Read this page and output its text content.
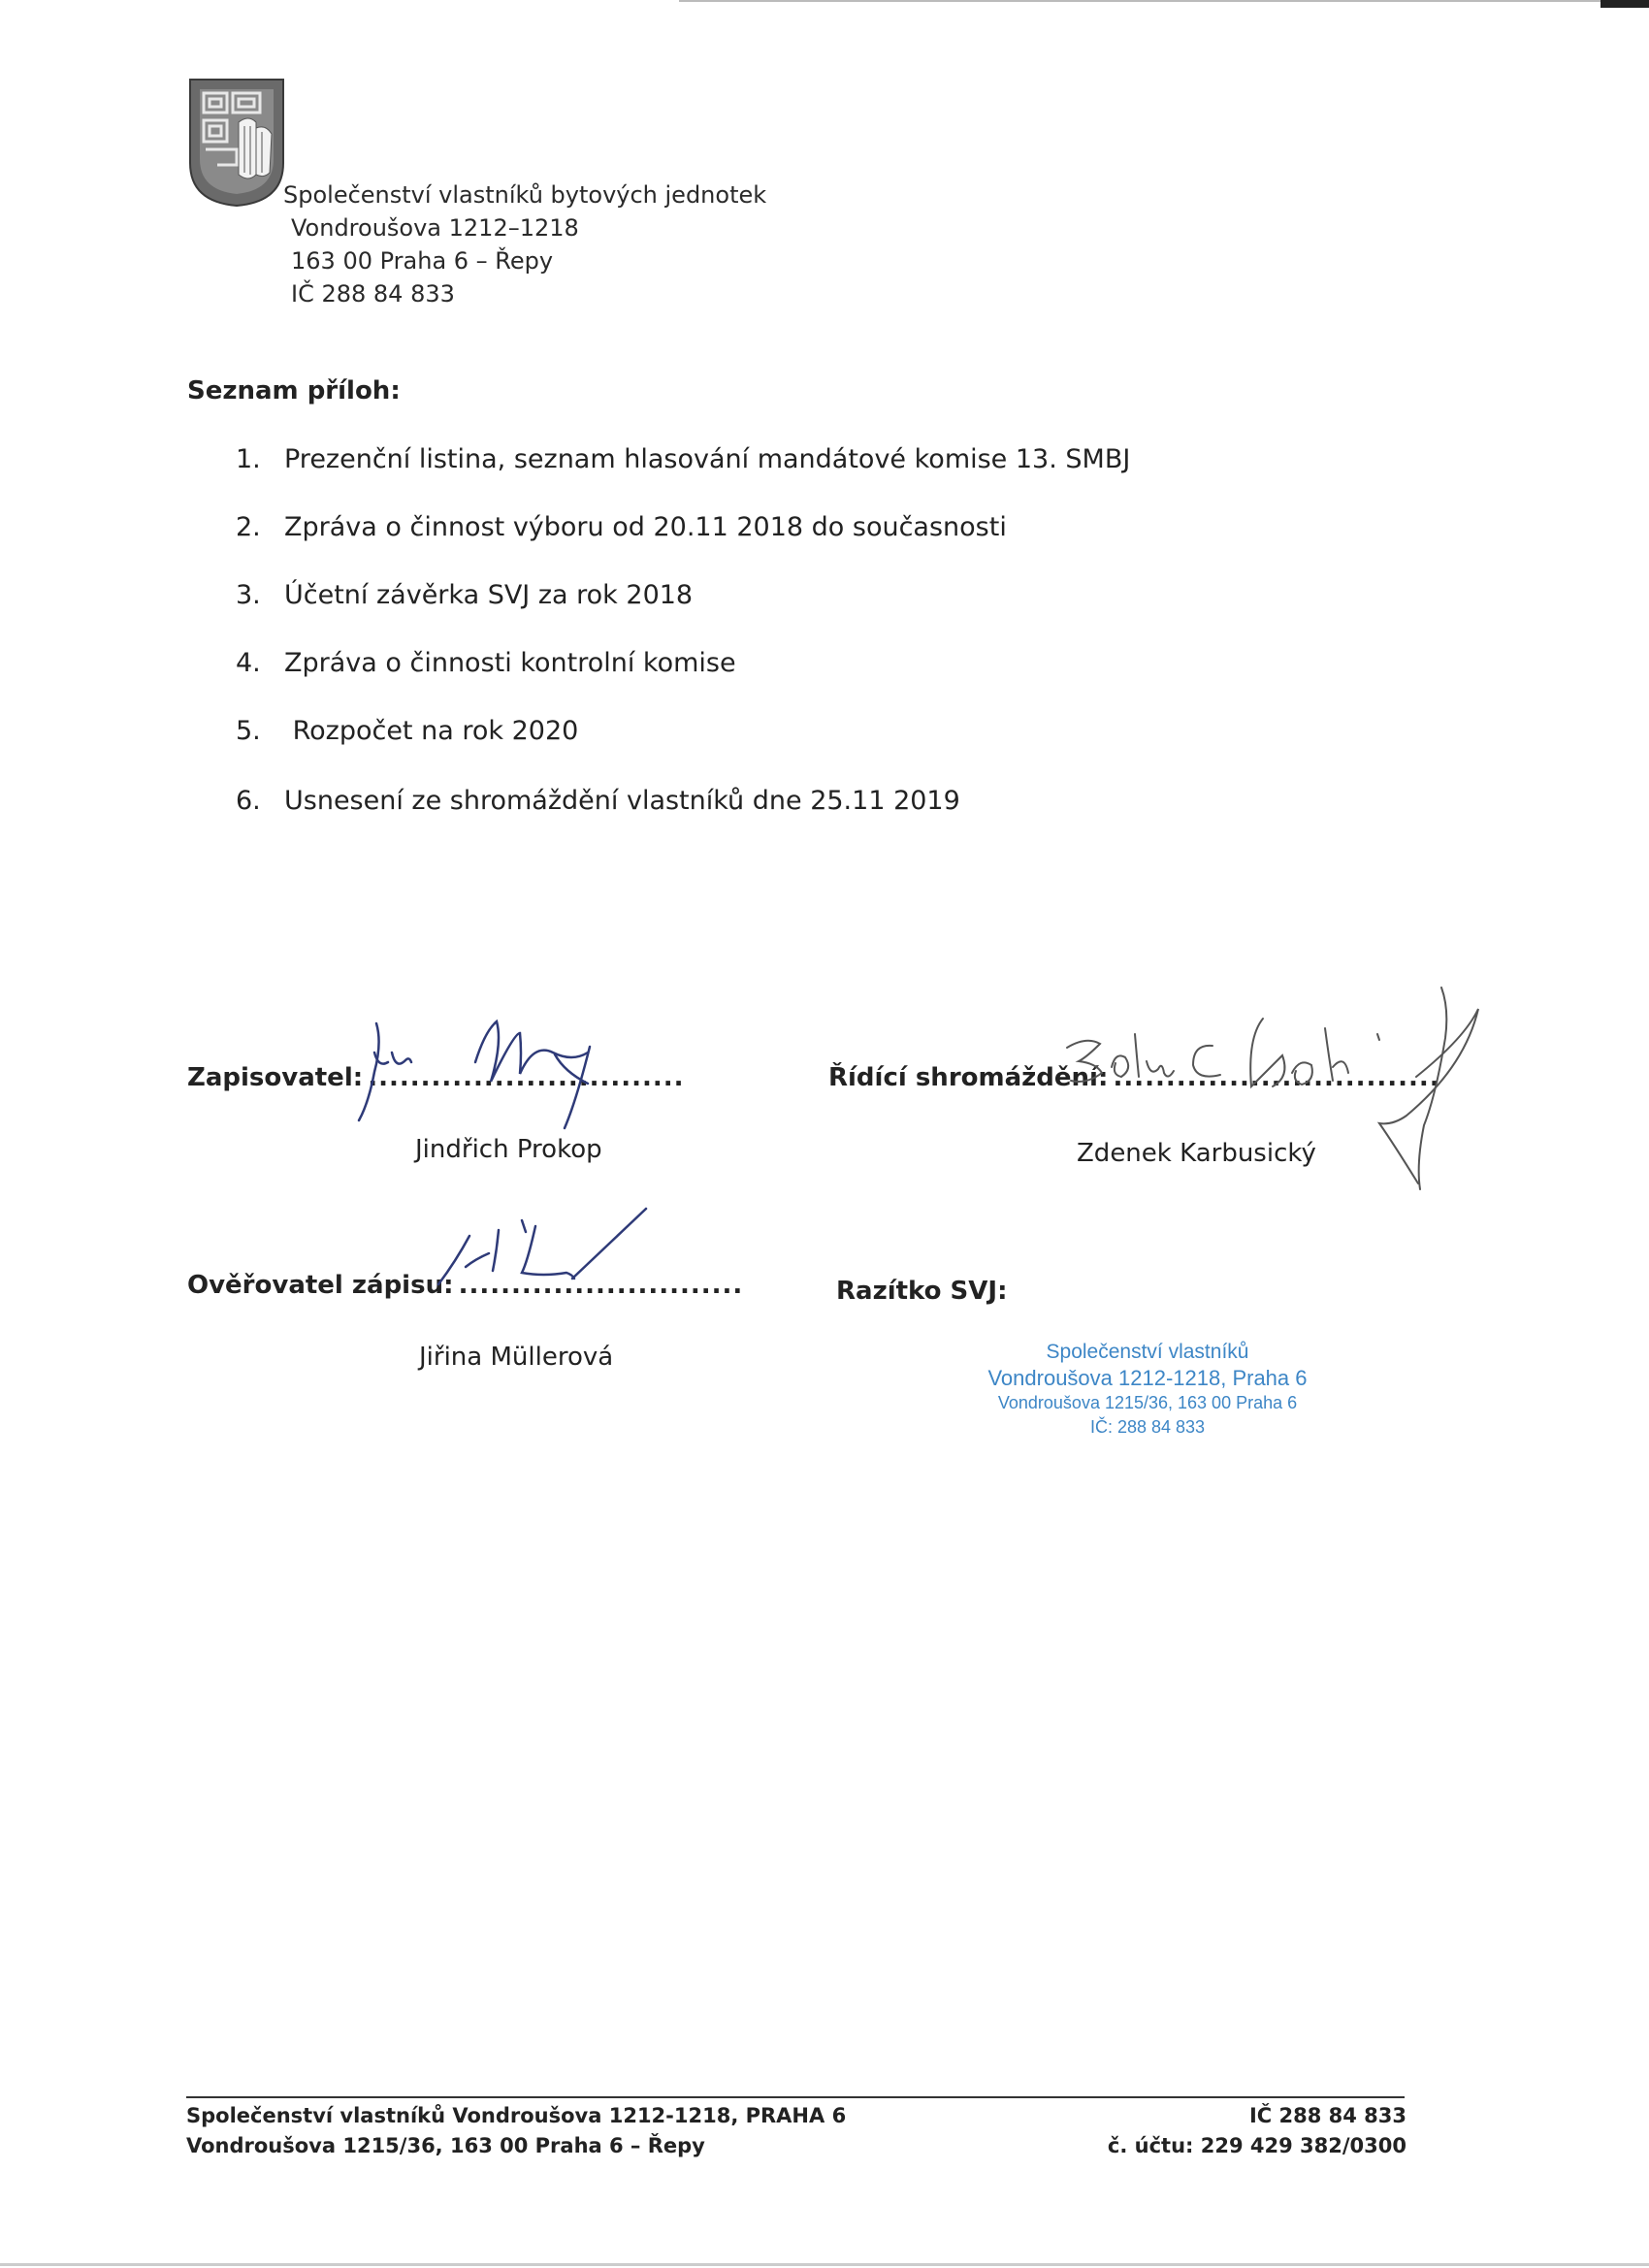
Společenství vlastníků bytových jednotek
Vondroušova 1212–1218
163 00 Praha 6 – Řepy
IČ 288 84 833
Seznam příloh:
1. Prezenční listina, seznam hlasování mandátové komise 13. SMBJ
2. Zpráva o činnost výboru od 20.11 2018 do současnosti
3. Účetní závěrka SVJ za rok 2018
4. Zpráva o činnosti kontrolní komise
5. Rozpočet na rok 2020
6. Usnesení ze shromáždění vlastníků dne 25.11 2019
Zapisovatel: ..............................
Jindřich Prokop
Řídící shromáždění: ...............................
Zdenek Karbusický
Ověřovatel zápisu: ...........................
Jiřina Müllerová
Razítko SVJ:
Společenství vlastníků
Vondroušova 1212-1218, Praha 6
Vondroušova 1215/36, 163 00 Praha 6
IČ: 288 84 833
Společenství vlastníků Vondroušova 1212-1218, PRAHA 6
Vondroušova 1215/36, 163 00 Praha 6 – Řepy
IČ 288 84 833
č. účtu: 229 429 382/0300
